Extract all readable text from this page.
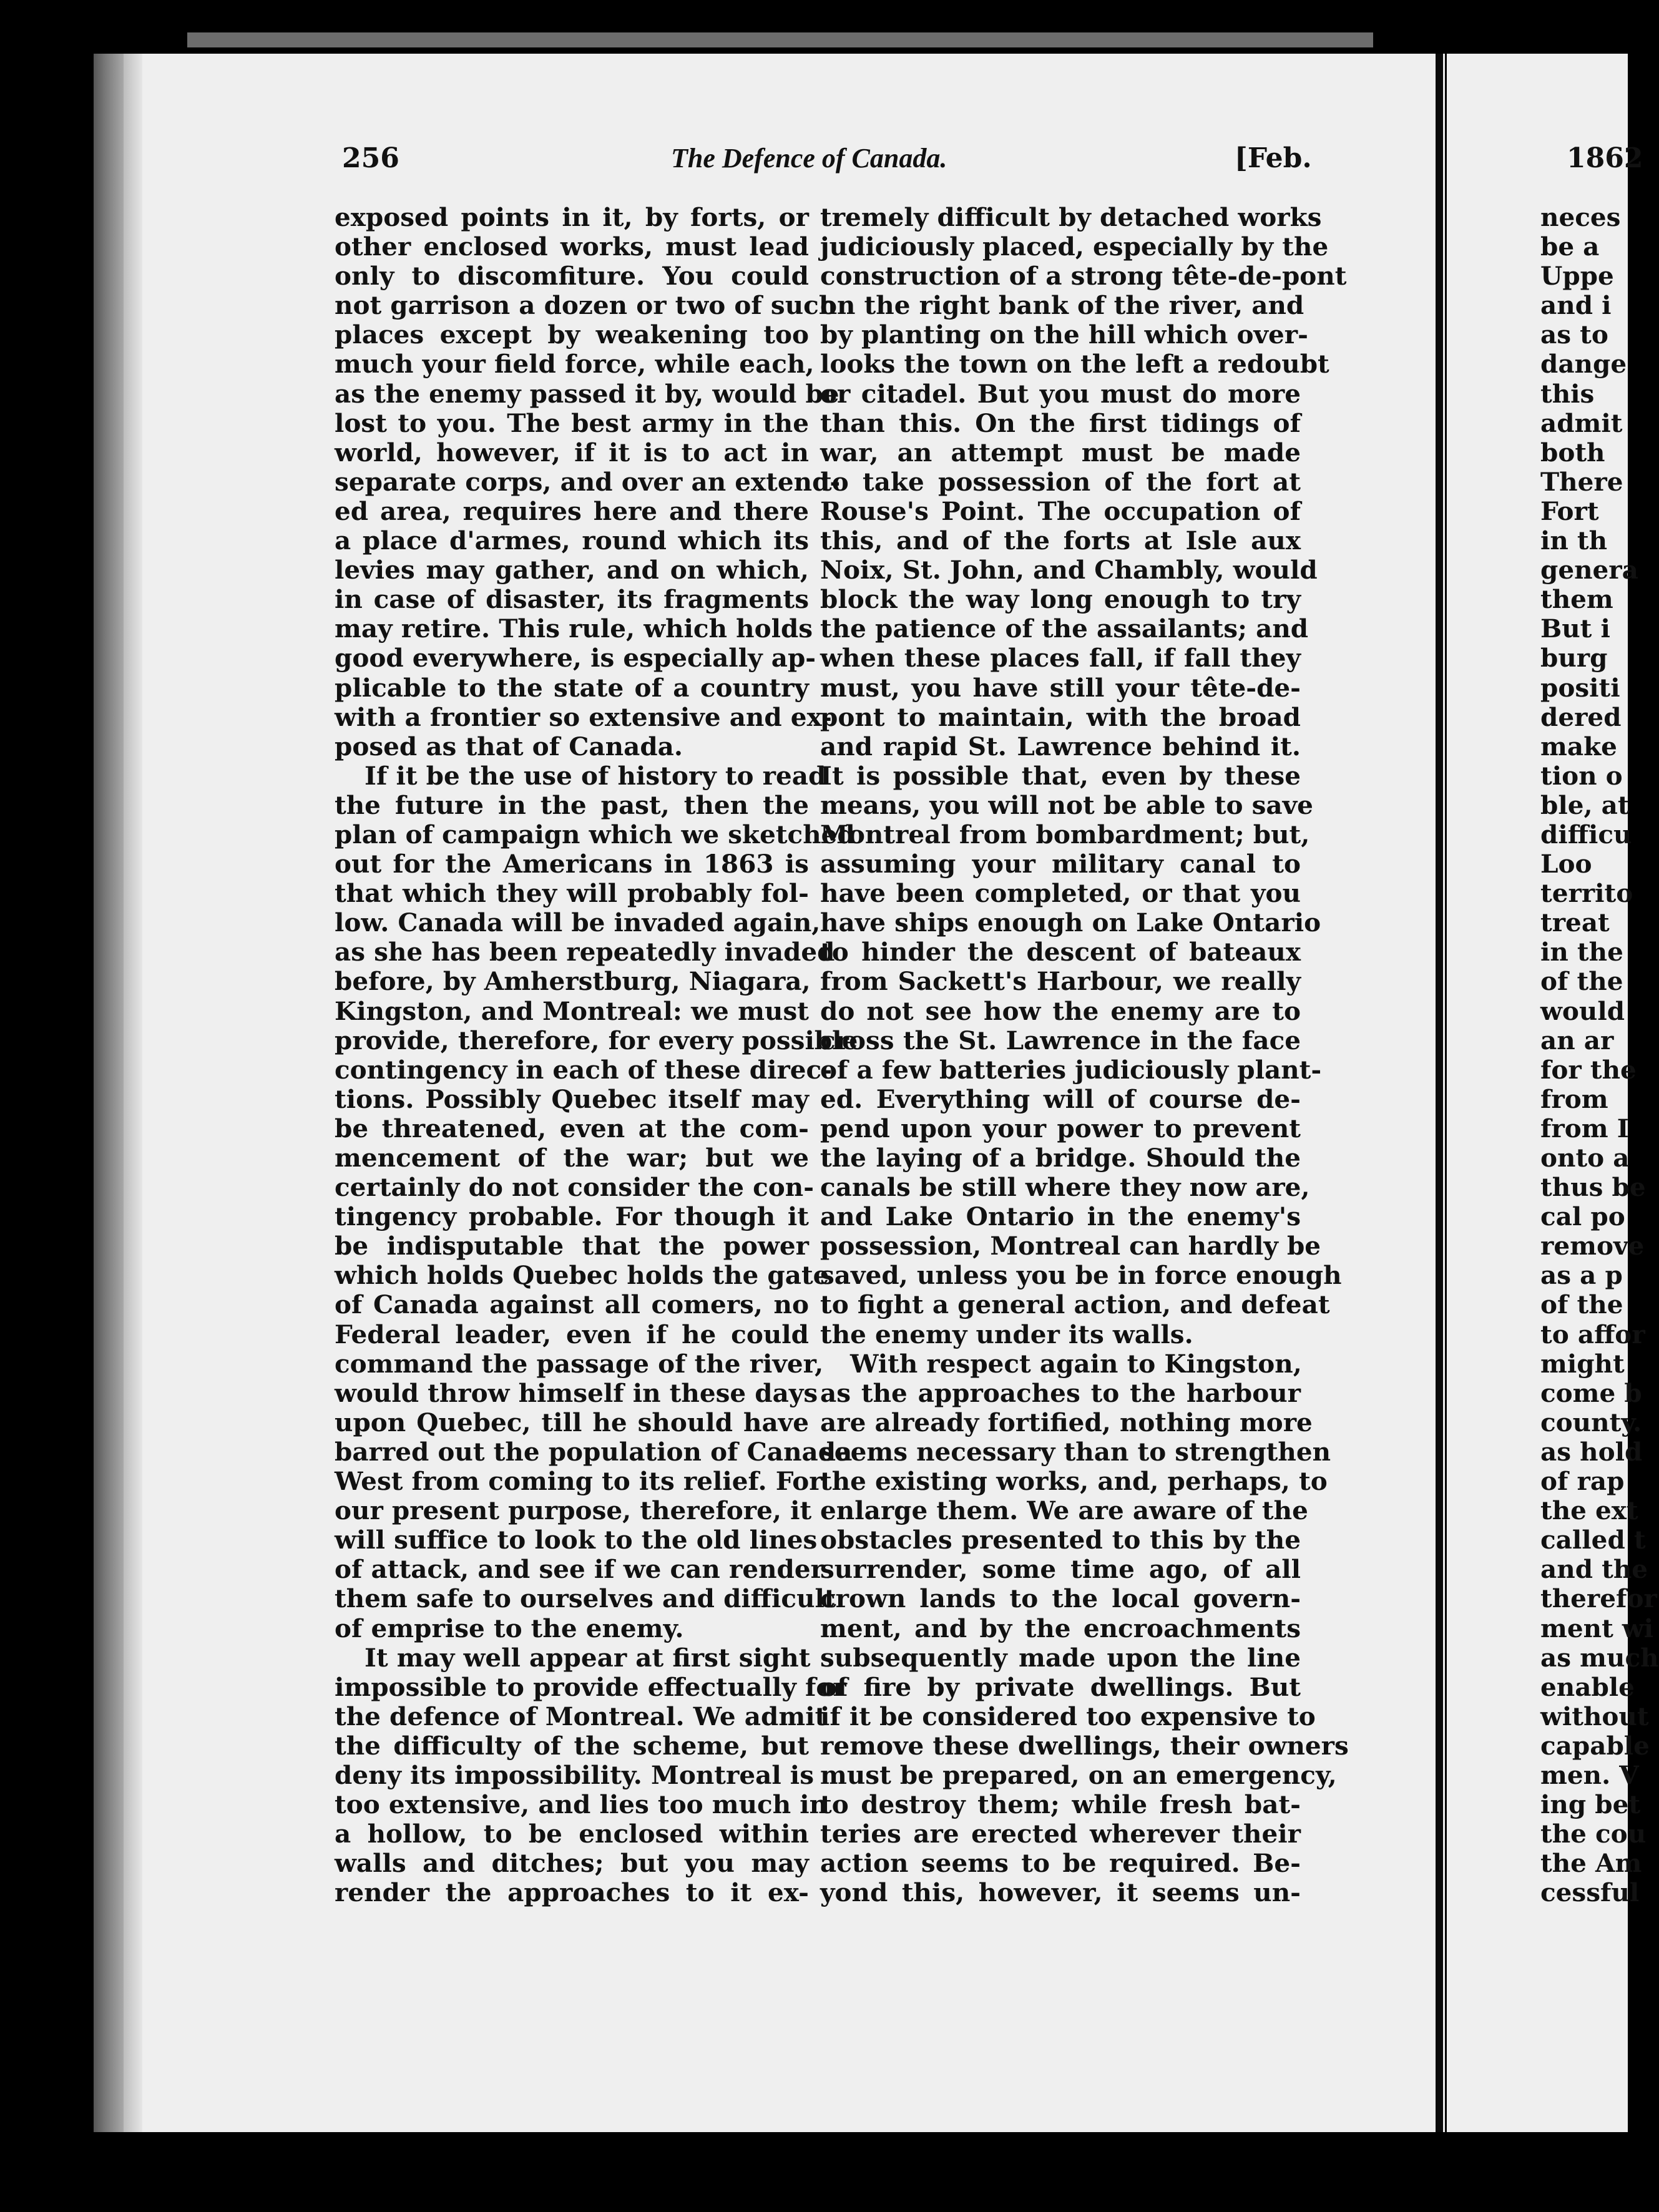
256	The Defence of Canada.	[Feb.
exposed points in it, by forts, or
other enclosed works, must lead
only to discomfiture. You could
not garrison a dozen or two of such
places except by weakening too
much your field force, while each,
as the enemy passed it by, would be
lost to you. The best army in the
world, however, if it is to act in
separate corps, and over an extend-
ed area, requires here and there
a place d'armes, round which its
levies may gather, and on which,
in case of disaster, its fragments
may retire. This rule, which holds
good everywhere, is especially ap-
plicable to the state of a country
with a frontier so extensive and ex-
posed as that of Canada.
If it be the use of history to read
the future in the past, then the
plan of campaign which we sketched
out for the Americans in 1863 is
that which they will probably fol-
low. Canada will be invaded again,
as she has been repeatedly invaded
before, by Amherstburg, Niagara,
Kingston, and Montreal: we must
provide, therefore, for every possible
contingency in each of these direc-
tions. Possibly Quebec itself may
be threatened, even at the com-
mencement of the war; but we
certainly do not consider the con-
tingency probable. For though it
be indisputable that the power
which holds Quebec holds the gate
of Canada against all comers, no
Federal leader, even if he could
command the passage of the river,
would throw himself in these days
upon Quebec, till he should have
barred out the population of Canada
West from coming to its relief. For
our present purpose, therefore, it
will suffice to look to the old lines
of attack, and see if we can render
them safe to ourselves and difficult
of emprise to the enemy.
It may well appear at first sight
impossible to provide effectually for
the defence of Montreal. We admit
the difficulty of the scheme, but
deny its impossibility. Montreal is
too extensive, and lies too much in
a hollow, to be enclosed within
walls and ditches; but you may
render the approaches to it ex-
tremely difficult by detached works
judiciously placed, especially by the
construction of a strong tête-de-pont
on the right bank of the river, and
by planting on the hill which over-
looks the town on the left a redoubt
or citadel. But you must do more
than this. On the first tidings of
war, an attempt must be made
to take possession of the fort at
Rouse's Point. The occupation of
this, and of the forts at Isle aux
Noix, St. John, and Chambly, would
block the way long enough to try
the patience of the assailants; and
when these places fall, if fall they
must, you have still your tête-de-
pont to maintain, with the broad
and rapid St. Lawrence behind it.
It is possible that, even by these
means, you will not be able to save
Montreal from bombardment; but,
assuming your military canal to
have been completed, or that you
have ships enough on Lake Ontario
to hinder the descent of bateaux
from Sackett's Harbour, we really
do not see how the enemy are to
cross the St. Lawrence in the face
of a few batteries judiciously plant-
ed. Everything will of course de-
pend upon your power to prevent
the laying of a bridge. Should the
canals be still where they now are,
and Lake Ontario in the enemy's
possession, Montreal can hardly be
saved, unless you be in force enough
to fight a general action, and defeat
the enemy under its walls.
With respect again to Kingston,
as the approaches to the harbour
are already fortified, nothing more
seems necessary than to strengthen
the existing works, and, perhaps, to
enlarge them. We are aware of the
obstacles presented to this by the
surrender, some time ago, of all
crown lands to the local govern-
ment, and by the encroachments
subsequently made upon the line
of fire by private dwellings. But
if it be considered too expensive to
remove these dwellings, their owners
must be prepared, on an emergency,
to destroy them; while fresh bat-
teries are erected wherever their
action seems to be required. Be-
yond this, however, it seems un-
1862
neces
be a
Uppe
and i
as to
dange
this
admit
both
There
Fort
in th
genera
them
But i
burg
positi
dered
make
tion o
ble, at
difficu
Loo
territo
treat
in the
of the
would
an ar
for the
from
from I
onto a
thus be
cal po
remove
as a p
of the
to affor
might
come b
county.
as hold
of rap
the ext
called t
and the
therefor
ment wi
as much
enable
without
capable
men. V
ing bet
the cou
the Am
cessful
